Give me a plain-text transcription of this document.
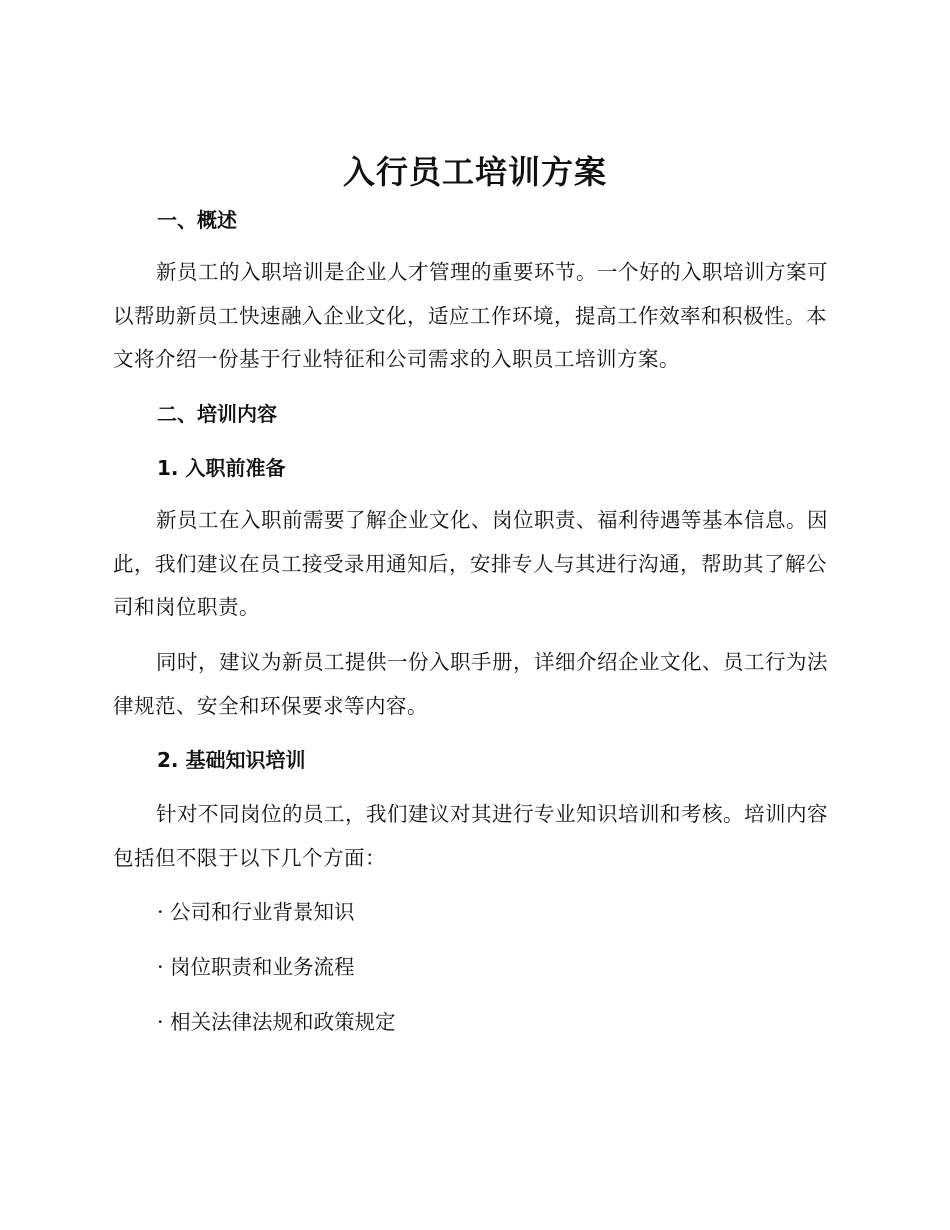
入行员工培训方案
一、概述

新员工的入职培训是企业人才管理的重要环节。一个好的入职培训方案可以帮助新员工快速融入企业文化，适应工作环境，提高工作效率和积极性。本文将介绍一份基于行业特征和公司需求的入职员工培训方案。

二、培训内容
1. 入职前准备

新员工在入职前需要了解企业文化、岗位职责、福利待遇等基本信息。因此，我们建议在员工接受录用通知后，安排专人与其进行沟通，帮助其了解公司和岗位职责。

同时，建议为新员工提供一份入职手册，详细介绍企业文化、员工行为法律规范、安全和环保要求等内容。

2. 基础知识培训

针对不同岗位的员工，我们建议对其进行专业知识培训和考核。培训内容包括但不限于以下几个方面：

· 公司和行业背景知识

· 岗位职责和业务流程

· 相关法律法规和政策规定
